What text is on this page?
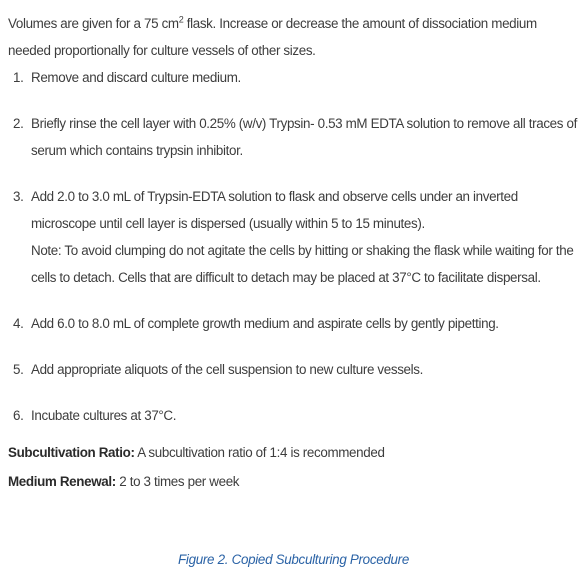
Volumes are given for a 75 $cm^2$ flask. Increase or decrease the amount of dissociation medium needed proportionally for culture vessels of other sizes.

1. Remove and discard culture medium.
2. Briefly rinse the cell layer with 0.25% (w/v) Trypsin- 0.53 mM EDTA solution to remove all traces of serum which contains trypsin inhibitor.
3. Add 2.0 to 3.0 mL of Trypsin-EDTA solution to flask and observe cells under an inverted microscope until cell layer is dispersed (usually within 5 to 15 minutes).
Note: To avoid clumping do not agitate the cells by hitting or shaking the flask while waiting for the cells to detach. Cells that are difficult to detach may be placed at 37°C to facilitate dispersal.
4. Add 6.0 to 8.0 mL of complete growth medium and aspirate cells by gently pipetting.
5. Add appropriate aliquots of the cell suspension to new culture vessels.
6. Incubate cultures at 37°C.

Subcultivation Ratio: A subcultivation ratio of 1:4 is recommended

Medium Renewal: 2 to 3 times per week

Figure 2. Copied Subculturing Procedure
